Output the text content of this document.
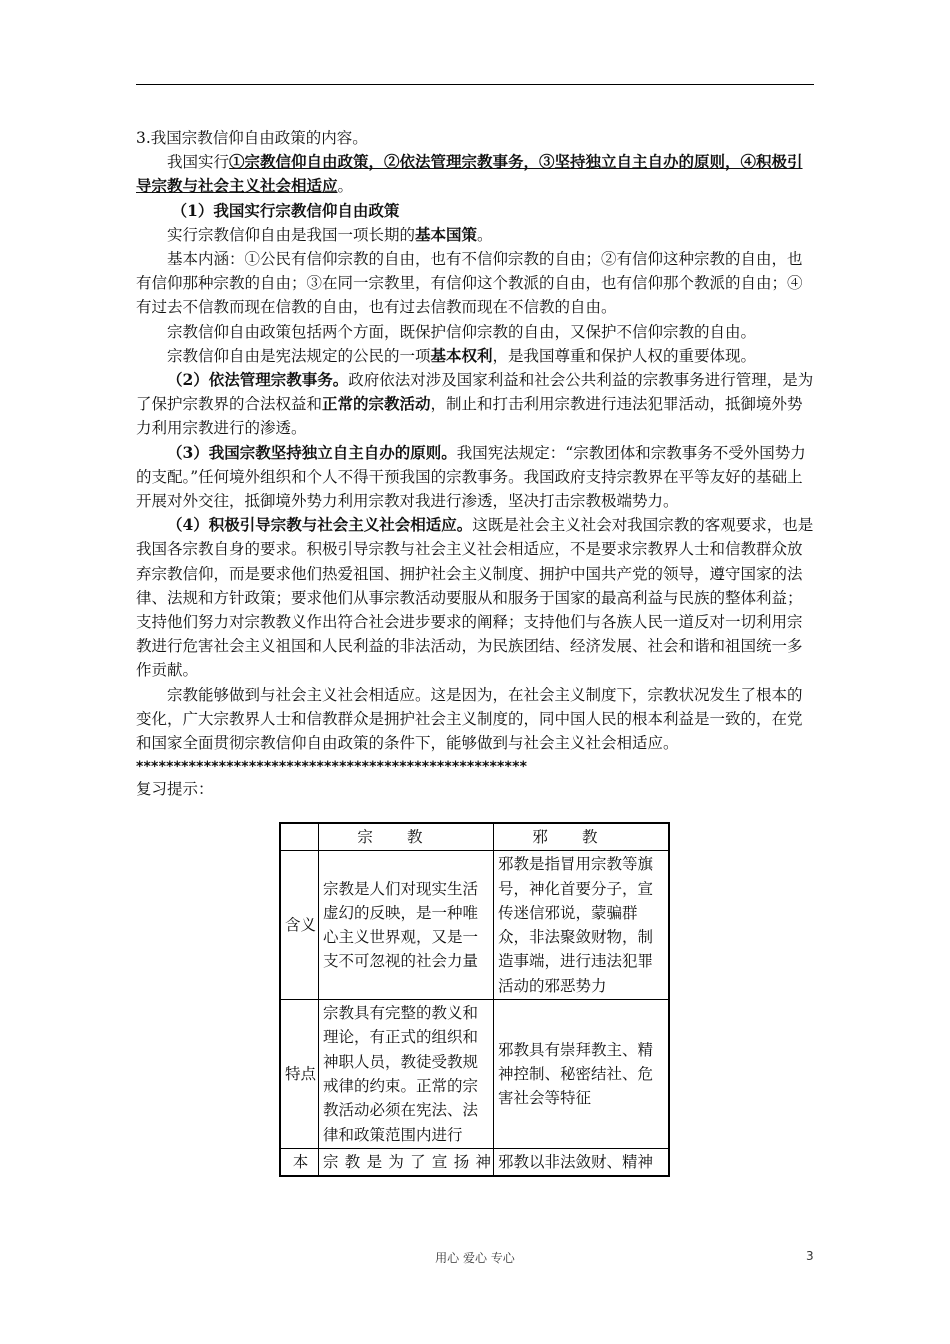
3.我国宗教信仰自由政策的内容。

我国实行①宗教信仰自由政策，②依法管理宗教事务，③坚持独立自主自办的原则，④积极引导宗教与社会主义社会相适应。

（1）我国实行宗教信仰自由政策

实行宗教信仰自由是我国一项长期的基本国策。

基本内涵：①公民有信仰宗教的自由，也有不信仰宗教的自由；②有信仰这种宗教的自由，也有信仰那种宗教的自由；③在同一宗教里，有信仰这个教派的自由，也有信仰那个教派的自由；④有过去不信教而现在信教的自由，也有过去信教而现在不信教的自由。

宗教信仰自由政策包括两个方面，既保护信仰宗教的自由，又保护不信仰宗教的自由。

宗教信仰自由是宪法规定的公民的一项基本权利，是我国尊重和保护人权的重要体现。

（2）依法管理宗教事务。政府依法对涉及国家利益和社会公共利益的宗教事务进行管理，是为了保护宗教界的合法权益和正常的宗教活动，制止和打击利用宗教进行违法犯罪活动，抵御境外势力利用宗教进行的渗透。

（3）我国宗教坚持独立自主自办的原则。我国宪法规定：“宗教团体和宗教事务不受外国势力的支配。”任何境外组织和个人不得干预我国的宗教事务。我国政府支持宗教界在平等友好的基础上开展对外交往，抵御境外势力利用宗教对我进行渗透，坚决打击宗教极端势力。

（4）积极引导宗教与社会主义社会相适应。这既是社会主义社会对我国宗教的客观要求，也是我国各宗教自身的要求。积极引导宗教与社会主义社会相适应，不是要求宗教界人士和信教群众放弃宗教信仰，而是要求他们热爱祖国、拥护社会主义制度、拥护中国共产党的领导，遵守国家的法律、法规和方针政策；要求他们从事宗教活动要服从和服务于国家的最高利益与民族的整体利益；支持他们努力对宗教教义作出符合社会进步要求的阐释；支持他们与各族人民一道反对一切利用宗教进行危害社会主义祖国和人民利益的非法活动，为民族团结、经济发展、社会和谐和祖国统一多作贡献。

宗教能够做到与社会主义社会相适应。这是因为，在社会主义制度下，宗教状况发生了根本的变化，广大宗教界人士和信教群众是拥护社会主义制度的，同中国人民的根本利益是一致的，在党和国家全面贯彻宗教信仰自由政策的条件下，能够做到与社会主义社会相适应。

****************************************************

复习提示：

	宗教	邪教
含义	宗教是人们对现实生活虚幻的反映，是一种唯心主义世界观，又是一支不可忽视的社会力量	邪教是指冒用宗教等旗号，神化首要分子，宣传迷信邪说，蒙骗群众，非法聚敛财物，制造事端，进行违法犯罪活动的邪恶势力
特点	宗教具有完整的教义和理论，有正式的组织和神职人员，教徒受教规戒律的约束。正常的宗教活动必须在宪法、法律和政策范围内进行	邪教具有崇拜教主、精神控制、秘密结社、危害社会等特征
本	宗教是为了宣扬神	邪教以非法敛财、精神
用心 爱心 专心	3
